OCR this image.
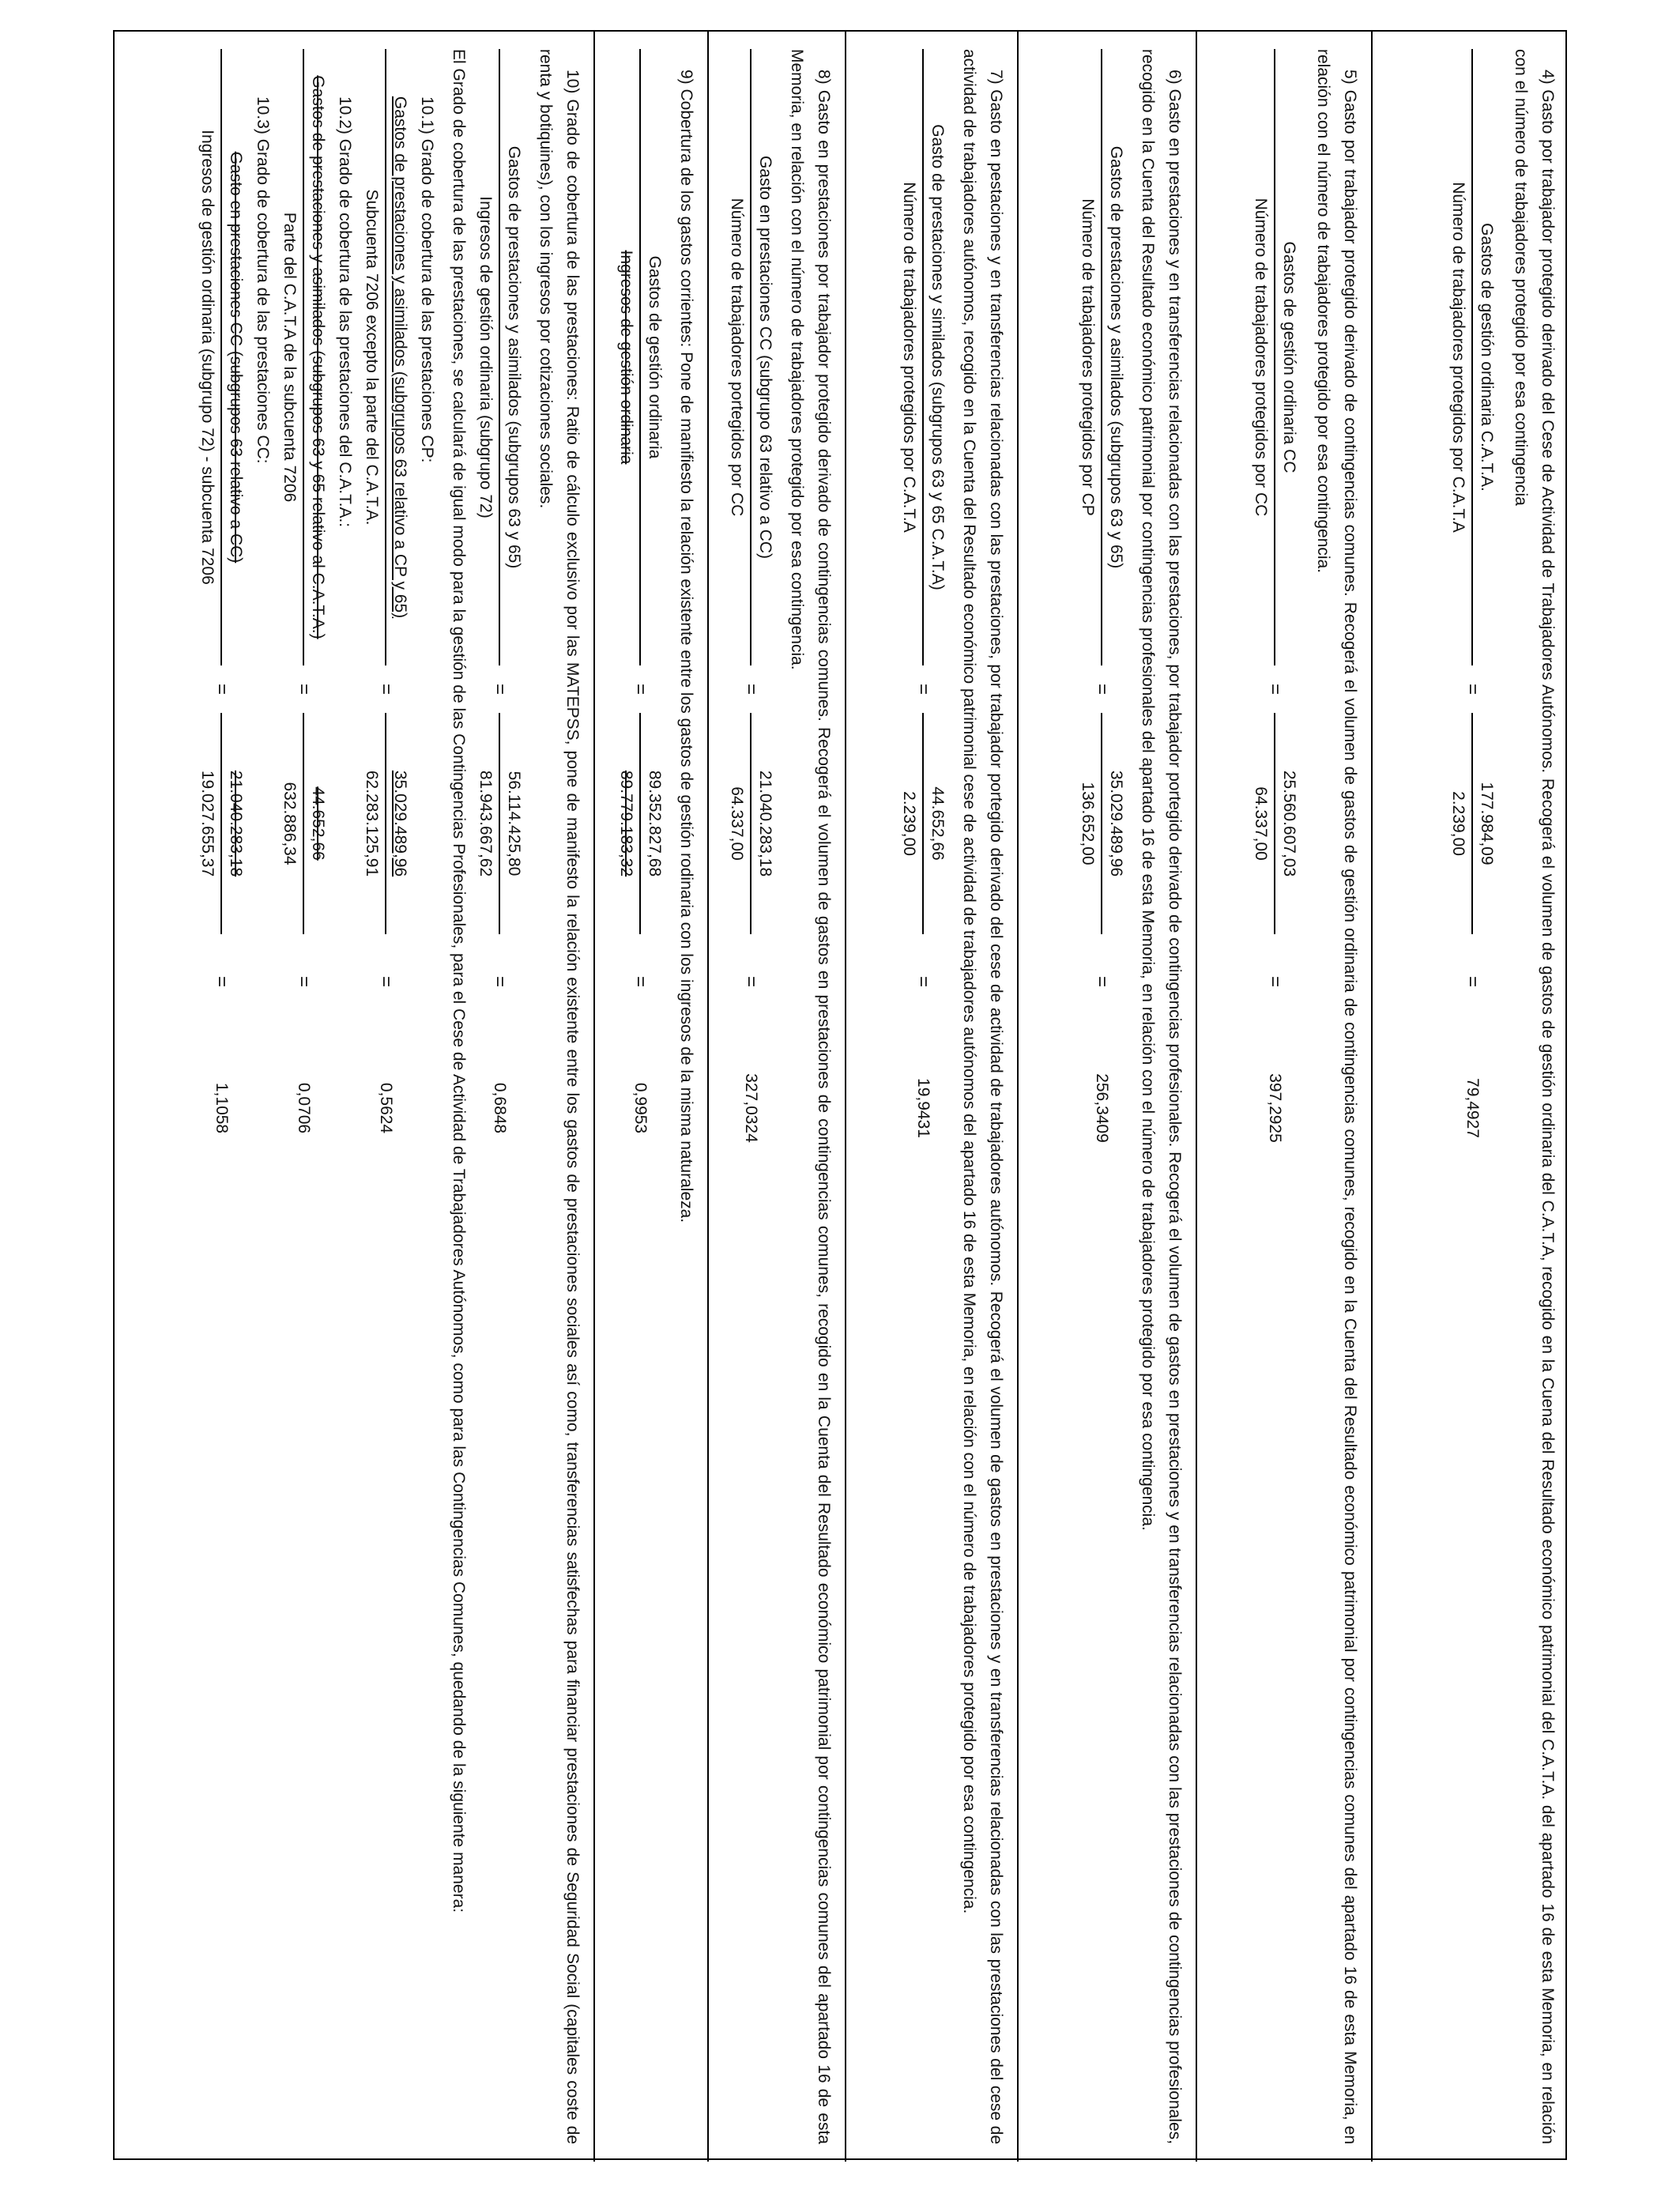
4) Gasto por trabajador protegido derivado del Cese de Actividad de Trabajadores Autónomos. Recogerá el volumen de gastos de gestión ordinaria del C.A.T.A, recogido en la Cuena del Resultado económico patrimonial del C.A.T.A. del apartado 16 de esta Memoria, en relación con el número de trabajadores protegido por esa contingencia

Gastos de gestión ordinaria C.A.T.A.
Número de trabajadores protegidos por C.A.T.A
=
177.984,09
2.239,00
=
79,4927

5) Gasto por trabajador protegido derivado de contingencias comunes. Recogerá el volumen de gastos de gestión ordinaria de contingencias comunes, recogido en la Cuenta del Resultado económico patrimonial por contingencias comunes del apartado 16 de esta Memoria, en relación con el número de trabajadores protegido por esa contingencia.

Gastos de gestión ordinaria CC
Número de trabajadores protegidos por CC
=
25.560.607,03
64.337,00
=
397,2925

6) Gasto en prestaciones y en transferencias relacionadas con las prestaciones, por trabajador portegido derivado de contingencias profesionales. Recogerá el volumen de gastos en prestaciones y en transferencias relacionadas con las prestaciones de contingencias profesionales, recogido en la Cuenta del Resultado económico patrimonial por contingencias profesionales del apartado 16 de esta Memoria, en relación con el número de trabajadores protegido por esa contingencia.

Gastos de prestaciones y asimilados (subgrupos 63 y 65)
Número de trabajadores protegidos por CP
=
35.029.489,96
136.652,00
=
256,3409

7) Gasto en pestaciones y en transferencias relacionadas con las prestaciones, por trabajador portegido derivado del cese de actividad de trabajadores autónomos. Recogerá el volumen de gastos en prestaciones y en transferencias relacionadas con las prestaciones del cese de actividad de trabajadores autónomos, recogido en la Cuenta del Resultado económico patrimonial cese de actividad de trabajadores autónomos del apartado 16 de esta Memoria, en relación con el número de trabajadores protegido por esa contingencia.

Gasto de prestaciones y similados (subgrupos 63 y 65 C.A.T.A)
Número de trabajadores protegidos por C.A.T.A
=
44.652,66
2.239,00
=
19,9431

8) Gasto en prestaciones por trabajador protegido derivado de contingencias comunes. Recogerá el volumen de gastos en prestaciones de contingencias comunes, recogido en la Cuenta del Resultado económico patrimonial por contingencias comunes del apartado 16 de esta Memoria, en relación con el número de trabajadores protegido por esa contingencia.

Gasto en prestaciones CC (subgrupo 63 relativo a CC)
Número de trabajadores portegidos por CC
=
21.040.283,18
64.337,00
=
327,0324

9) Cobertura de los gastos corrientes: Pone de manifiesto la relación existente entre los gastos de gestión rodinaria con los ingresos de la misma naturaleza.

Gastos de gestión ordinaria
Ingresos de gestión ordinaria
=
89.352.827,68
89.779.183,32
=
0,9953

10) Grado de cobertura de las prestaciones: Ratio de cálculo exclusivo por las MATEPSS, pone de manifesto la relación existente entre los gastos de prestaciones sociales así como, transferencias satisfechas para financiar prestaciones de Seguridad Social (capitales coste de renta y botiquines), con los ingresos por cotizaciones sociales.

Gastos de prestaciones y asimilados (subgrupos 63 y 65)
Ingresos de gestión ordinaria (subgrupo 72)
=
56.114.425,80
81.943.667,62
=
0,6848

El Grado de cobertura de las prestaciones, se calculará de igual modo para la gestión de las Contingencias Profesionales, para el Cese de Actividad de Trabajadores Autónomos, como para las Contingencias Comunes, quedando de la siguiente manera:

10.1) Grado de cobertura de las prestaciones CP:
Gastos de prestaciones y asimilados (subgrupos 63 relativo a CP y 65)
Subcuenta 7206 excepto la parte del C.A.T.A.
=
35.029.489,96
62.283.125,91
=
0,5624
10.2) Grado de cobertura de las prestaciones del C.A.T.A.:
Gastos de prestaciones y asimilados (subgrupos 63 y 65 relativo al C.A.T.A.)
Parte del C.A.T.A de la subcuenta 7206
=
44.652,66
632.886,34
=
0,0706
10.3) Grado de cobertura de las prestaciones CC:
Gasto en prestaciones CC (subgrupos 63 relativo a CC)
Ingresos de gestión ordinaria (subgrupo 72) - subcuenta 7206
=
21.040.283,18
19.027.655,37
=
1,1058
